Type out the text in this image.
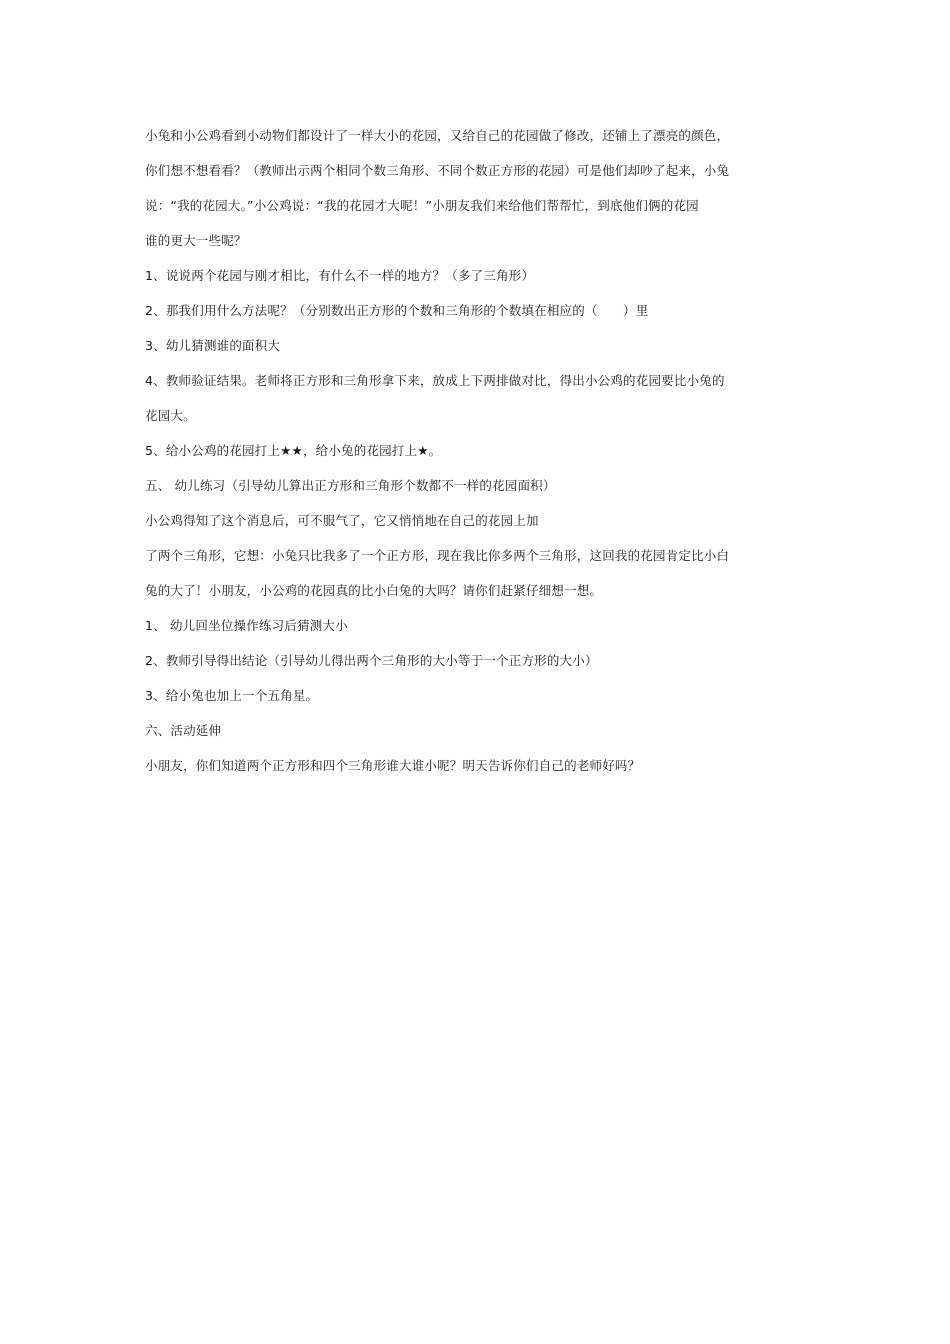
小兔和小公鸡看到小动物们都设计了一样大小的花园，又给自己的花园做了修改，还铺上了漂亮的颜色，

你们想不想看看？（教师出示两个相同个数三角形、不同个数正方形的花园）可是他们却吵了起来，小兔

说：“我的花园大。”小公鸡说：“我的花园才大呢！”小朋友我们来给他们帮帮忙，到底他们俩的花园

谁的更大一些呢？

1、说说两个花园与刚才相比，有什么不一样的地方？（多了三角形）

2、那我们用什么方法呢？（分别数出正方形的个数和三角形的个数填在相应的（　　）里

3、幼儿猜测谁的面积大

4、教师验证结果。老师将正方形和三角形拿下来，放成上下两排做对比，得出小公鸡的花园要比小兔的

花园大。

5、给小公鸡的花园打上★★，给小兔的花园打上★。

五、 幼儿练习（引导幼儿算出正方形和三角形个数都不一样的花园面积）

小公鸡得知了这个消息后，可不服气了，它又悄悄地在自己的花园上加

了两个三角形，它想：小兔只比我多了一个正方形，现在我比你多两个三角形，这回我的花园肯定比小白

兔的大了！小朋友，小公鸡的花园真的比小白兔的大吗？请你们赶紧仔细想一想。

1、 幼儿回坐位操作练习后猜测大小

2、教师引导得出结论（引导幼儿得出两个三角形的大小等于一个正方形的大小）

3、给小兔也加上一个五角星。

六、活动延伸

小朋友，你们知道两个正方形和四个三角形谁大谁小呢？明天告诉你们自己的老师好吗？
